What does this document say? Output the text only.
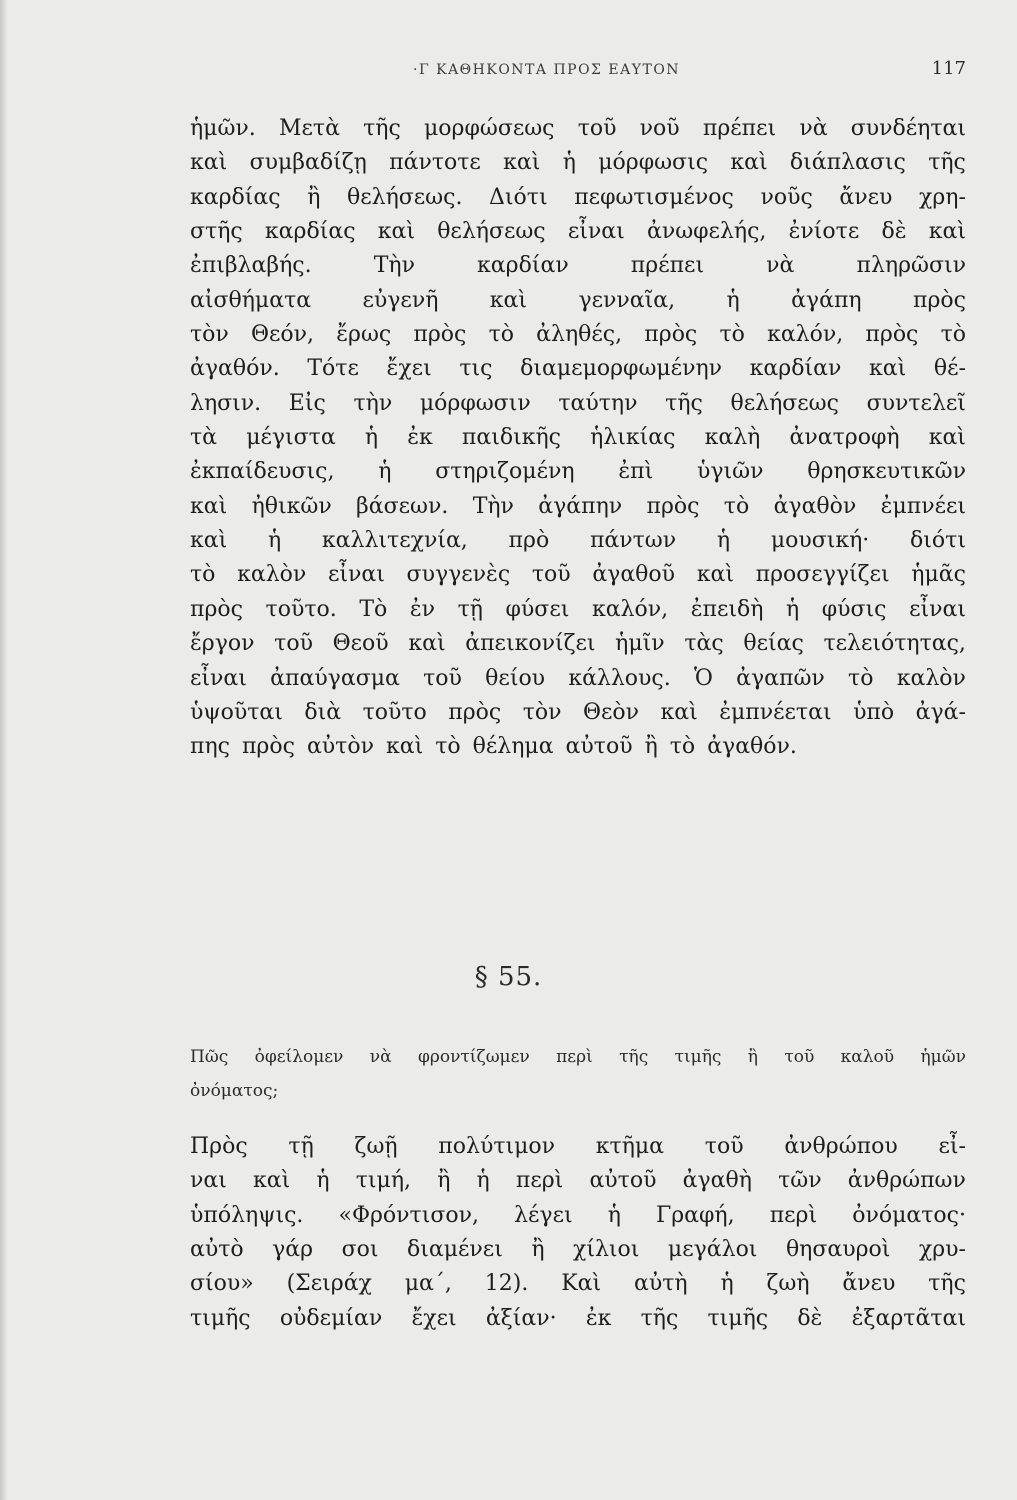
·Γ ΚΑΘΗΚΟΝΤΑ ΠΡΟΣ ΕΑΥΤΟΝ	117
ἡμῶν. Μετὰ τῆς μορφώσεως τοῦ νοῦ πρέπει νὰ συνδέηται
καὶ συμβαδίζῃ πάντοτε καὶ ἡ μόρφωσις καὶ διάπλασις τῆς
καρδίας ἢ θελήσεως. Διότι πεφωτισμένος νοῦς ἄνευ χρη-
στῆς καρδίας καὶ θελήσεως εἶναι ἀνωφελής, ἐνίοτε δὲ καὶ
ἐπιβλαβής.	Τὴν	καρδίαν	πρέπει	νὰ	πληρῶσιν
αἰσθήματα εὐγενῆ καὶ γενναῖα, ἡ ἀγάπη πρὸς
τὸν Θεόν, ἔρως πρὸς τὸ ἀληθές, πρὸς τὸ καλόν, πρὸς τὸ
ἀγαθόν. Τότε ἔχει τις διαμεμορφωμένην καρδίαν καὶ θέ-
λησιν. Εἰς τὴν μόρφωσιν ταύτην τῆς θελήσεως συντελεῖ
τὰ μέγιστα ἡ ἐκ παιδικῆς ἡλικίας καλὴ ἀνατροφὴ καὶ
ἐκπαίδευσις, ἡ στηριζομένη ἐπὶ ὑγιῶν θρησκευτικῶν
καὶ ἠθικῶν βάσεων. Τὴν ἀγάπην πρὸς τὸ ἀγαθὸν ἐμπνέει
καὶ ἡ καλλιτεχνία, πρὸ πάντων ἡ μουσική· διότι
τὸ καλὸν εἶναι συγγενὲς τοῦ ἀγαθοῦ καὶ προσεγγίζει ἡμᾶς
πρὸς τοῦτο. Τὸ ἐν τῇ φύσει καλόν, ἐπειδὴ ἡ φύσις εἶναι
ἔργον τοῦ Θεοῦ καὶ ἀπεικονίζει ἡμῖν τὰς θείας τελειότητας,
εἶναι ἀπαύγασμα τοῦ θείου κάλλους. Ὁ ἀγαπῶν τὸ καλὸν
ὑψοῦται διὰ τοῦτο πρὸς τὸν Θεὸν καὶ ἐμπνέεται ὑπὸ ἀγά-
πης πρὸς αὐτὸν καὶ τὸ θέλημα αὐτοῦ ἢ τὸ ἀγαθόν.
§ 55.
Πῶς ὀφείλομεν νὰ φροντίζωμεν περὶ τῆς τιμῆς ἢ τοῦ καλοῦ ἡμῶν
ὀνόματος;
Πρὸς τῇ ζωῇ πολύτιμον κτῆμα τοῦ ἀνθρώπου εἶ-
ναι καὶ ἡ τιμή, ἢ ἡ περὶ αὐτοῦ ἀγαθὴ τῶν ἀνθρώπων
ὑπόληψις. «Φρόντισον, λέγει ἡ Γραφή, περὶ ὀνόματος·
αὐτὸ γάρ σοι διαμένει ἢ χίλιοι μεγάλοι θησαυροὶ χρυ-
σίου» (Σειράχ μα΄, 12). Καὶ αὐτὴ ἡ ζωὴ ἄνευ τῆς
τιμῆς οὐδεμίαν ἔχει ἀξίαν· ἐκ τῆς τιμῆς δὲ ἐξαρτᾶται
